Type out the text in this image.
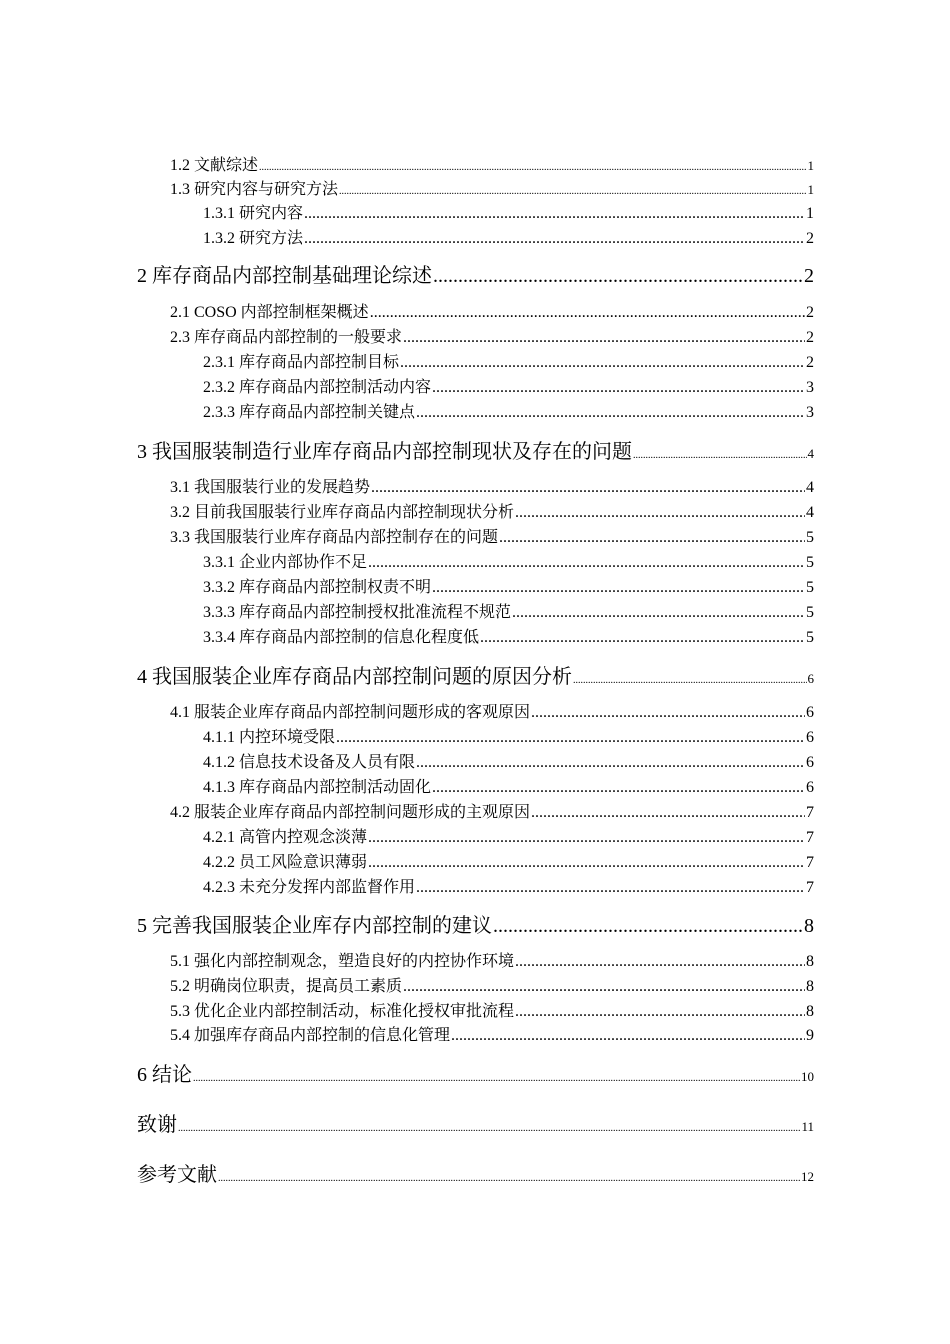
1.2 文献综述 .....	1
1.3 研究内容与研究方法 .....	1
1.3.1 研究内容 .....	1
1.3.2 研究方法 .....	2
2 库存商品内部控制基础理论综述 .....	2
2.1 COSO 内部控制框架概述 .....	2
2.3 库存商品内部控制的一般要求 .....	2
2.3.1 库存商品内部控制目标 .....	2
2.3.2 库存商品内部控制活动内容 .....	3
2.3.3 库存商品内部控制关键点 .....	3
3 我国服装制造行业库存商品内部控制现状及存在的问题 .....	4
3.1 我国服装行业的发展趋势 .....	4
3.2 目前我国服装行业库存商品内部控制现状分析 .....	4
3.3 我国服装行业库存商品内部控制存在的问题 .....	5
3.3.1 企业内部协作不足 .....	5
3.3.2 库存商品内部控制权责不明 .....	5
3.3.3 库存商品内部控制授权批准流程不规范 .....	5
3.3.4 库存商品内部控制的信息化程度低 .....	5
4 我国服装企业库存商品内部控制问题的原因分析 .....	6
4.1 服装企业库存商品内部控制问题形成的客观原因 .....	6
4.1.1 内控环境受限 .....	6
4.1.2 信息技术设备及人员有限 .....	6
4.1.3 库存商品内部控制活动固化 .....	6
4.2 服装企业库存商品内部控制问题形成的主观原因 .....	7
4.2.1 高管内控观念淡薄 .....	7
4.2.2 员工风险意识薄弱 .....	7
4.2.3 未充分发挥内部监督作用 .....	7
5 完善我国服装企业库存内部控制的建议 .....	8
5.1 强化内部控制观念，塑造良好的内控协作环境 .....	8
5.2 明确岗位职责，提高员工素质 .....	8
5.3 优化企业内部控制活动，标准化授权审批流程 .....	8
5.4 加强库存商品内部控制的信息化管理 .....	9
6 结论 .....	10
致谢 .....	11
参考文献 .....	12
